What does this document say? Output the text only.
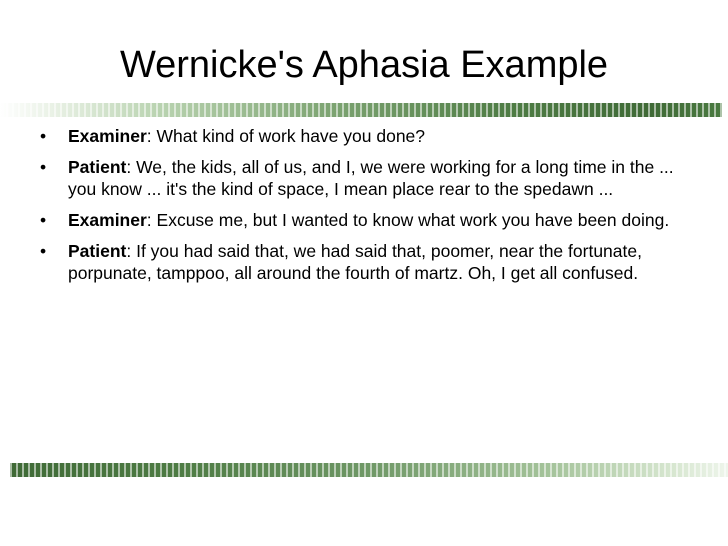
Wernicke's Aphasia Example
• Examiner: What kind of work have you done?
• Patient: We, the kids, all of us, and I, we were working for a long time in the ... you know ... it's the kind of space, I mean place rear to the spedawn ...
• Examiner: Excuse me, but I wanted to know what work you have been doing.
• Patient: If you had said that, we had said that, poomer, near the fortunate, porpunate, tamppoo, all around the fourth of martz. Oh, I get all confused.
